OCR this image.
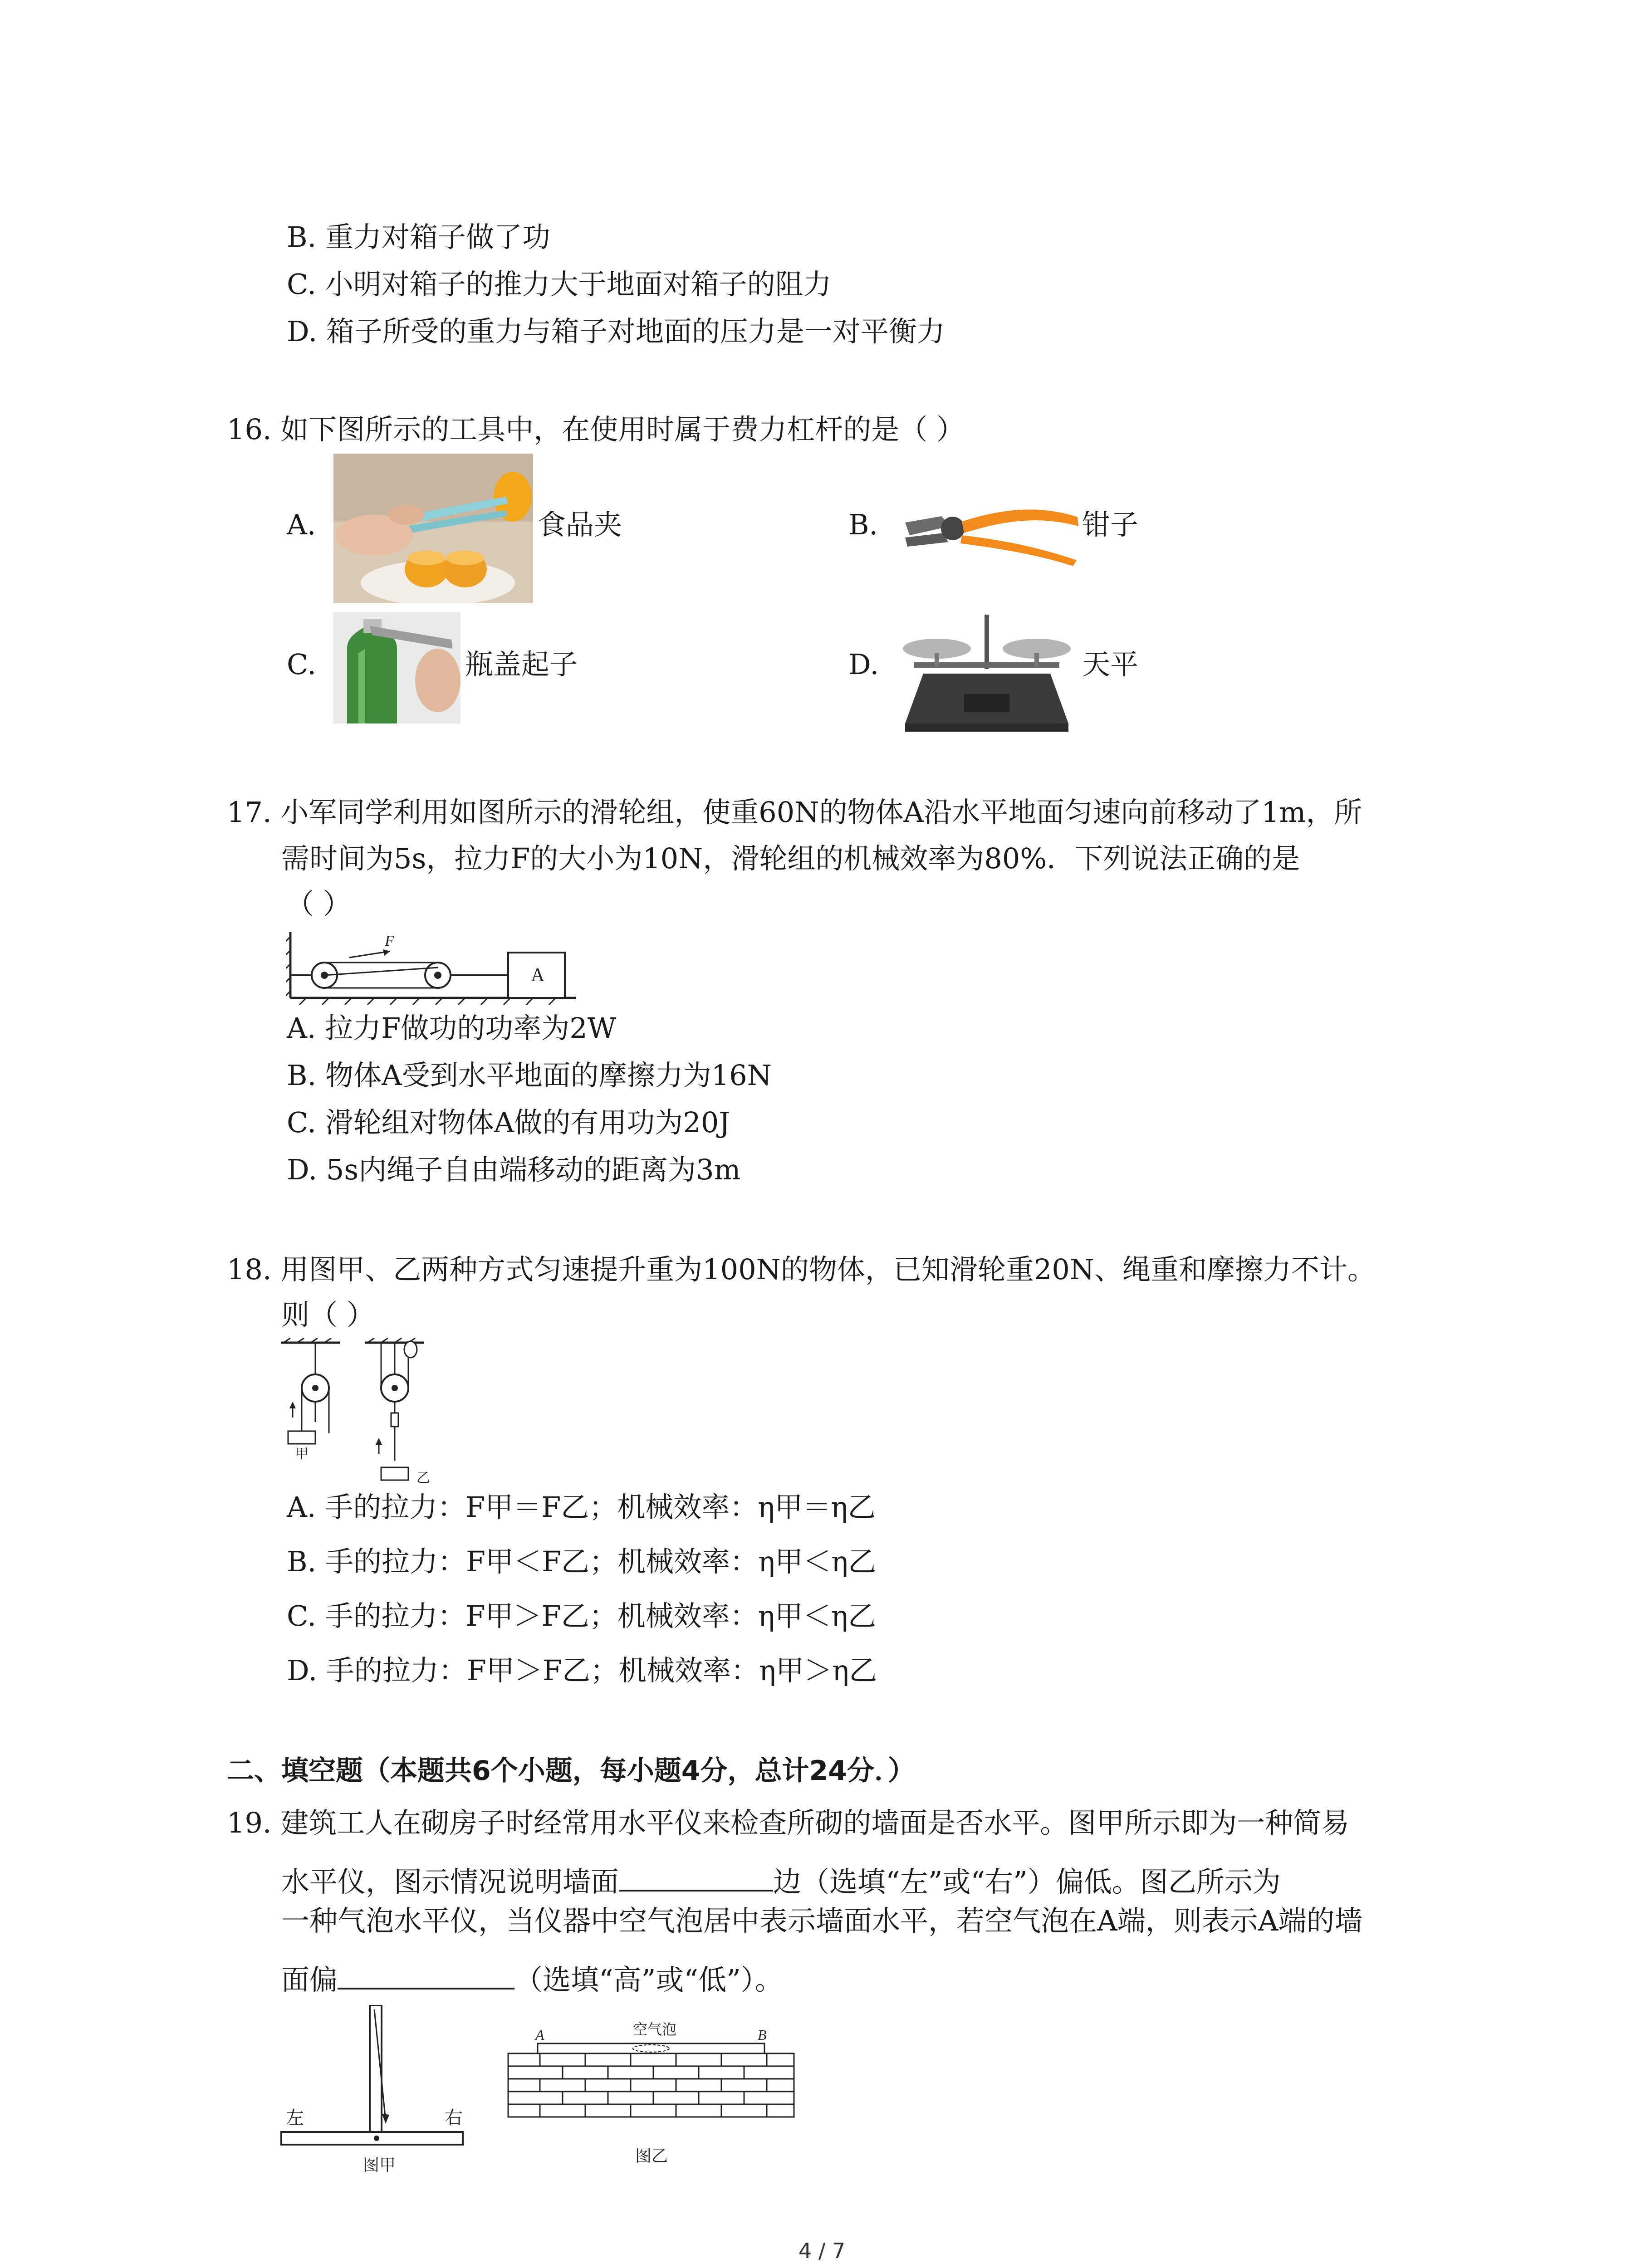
B. 重力对箱子做了功
C. 小明对箱子的推力大于地面对箱子的阻力
D. 箱子所受的重力与箱子对地面的压力是一对平衡力
16. 如下图所示的工具中，在使用时属于费力杠杆的是（ ）
A.	食品夹	B.	钳子
C.	瓶盖起子	D.	天平
17. 小军同学利用如图所示的滑轮组，使重60N的物体A沿水平地面匀速向前移动了1m，所
需时间为5s，拉力F的大小为10N，滑轮组的机械效率为80%．下列说法正确的是
（ ）
F
A
A. 拉力F做功的功率为2W
B. 物体A受到水平地面的摩擦力为16N
C. 滑轮组对物体A做的有用功为20J
D. 5s内绳子自由端移动的距离为3m
18. 用图甲、乙两种方式匀速提升重为100N的物体，已知滑轮重20N、绳重和摩擦力不计。
则（ ）
甲
乙
A. 手的拉力：F甲＝F乙；机械效率：η甲＝η乙
B. 手的拉力：F甲＜F乙；机械效率：η甲＜η乙
C. 手的拉力：F甲＞F乙；机械效率：η甲＜η乙
D. 手的拉力：F甲＞F乙；机械效率：η甲＞η乙
二、填空题（本题共6个小题，每小题4分，总计24分．）
19. 建筑工人在砌房子时经常用水平仪来检查所砌的墙面是否水平。图甲所示即为一种简易
水平仪，图示情况说明墙面	边（选填“左”或“右”）偏低。图乙所示为
一种气泡水平仪，当仪器中空气泡居中表示墙面水平，若空气泡在A端，则表示A端的墙
面偏	（选填“高”或“低”）。
左	右
图甲
A	B
空气泡
图乙
4 / 7
